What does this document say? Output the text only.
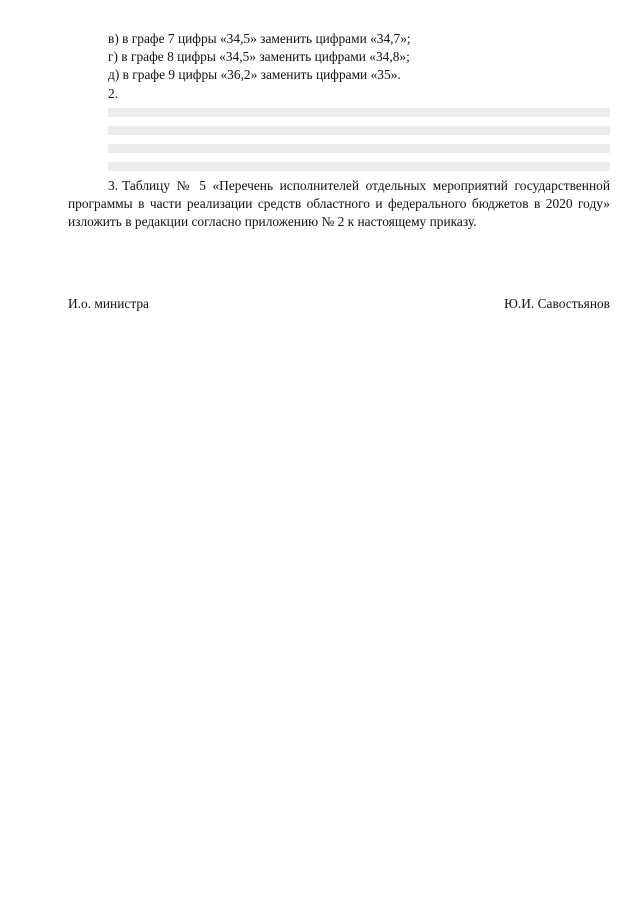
в) в графе 7 цифры «34,5» заменить цифрами «34,7»;

г) в графе 8 цифры «34,5» заменить цифрами «34,8»;

д) в графе 9 цифры «36,2» заменить цифрами «35».

2.

3. Таблицу № 5 «Перечень исполнителей отдельных мероприятий государственной программы в части реализации средств областного и федерального бюджетов в 2020 году» изложить в редакции согласно приложению № 2 к настоящему приказу.

И.о. министра	Ю.И. Савостьянов
